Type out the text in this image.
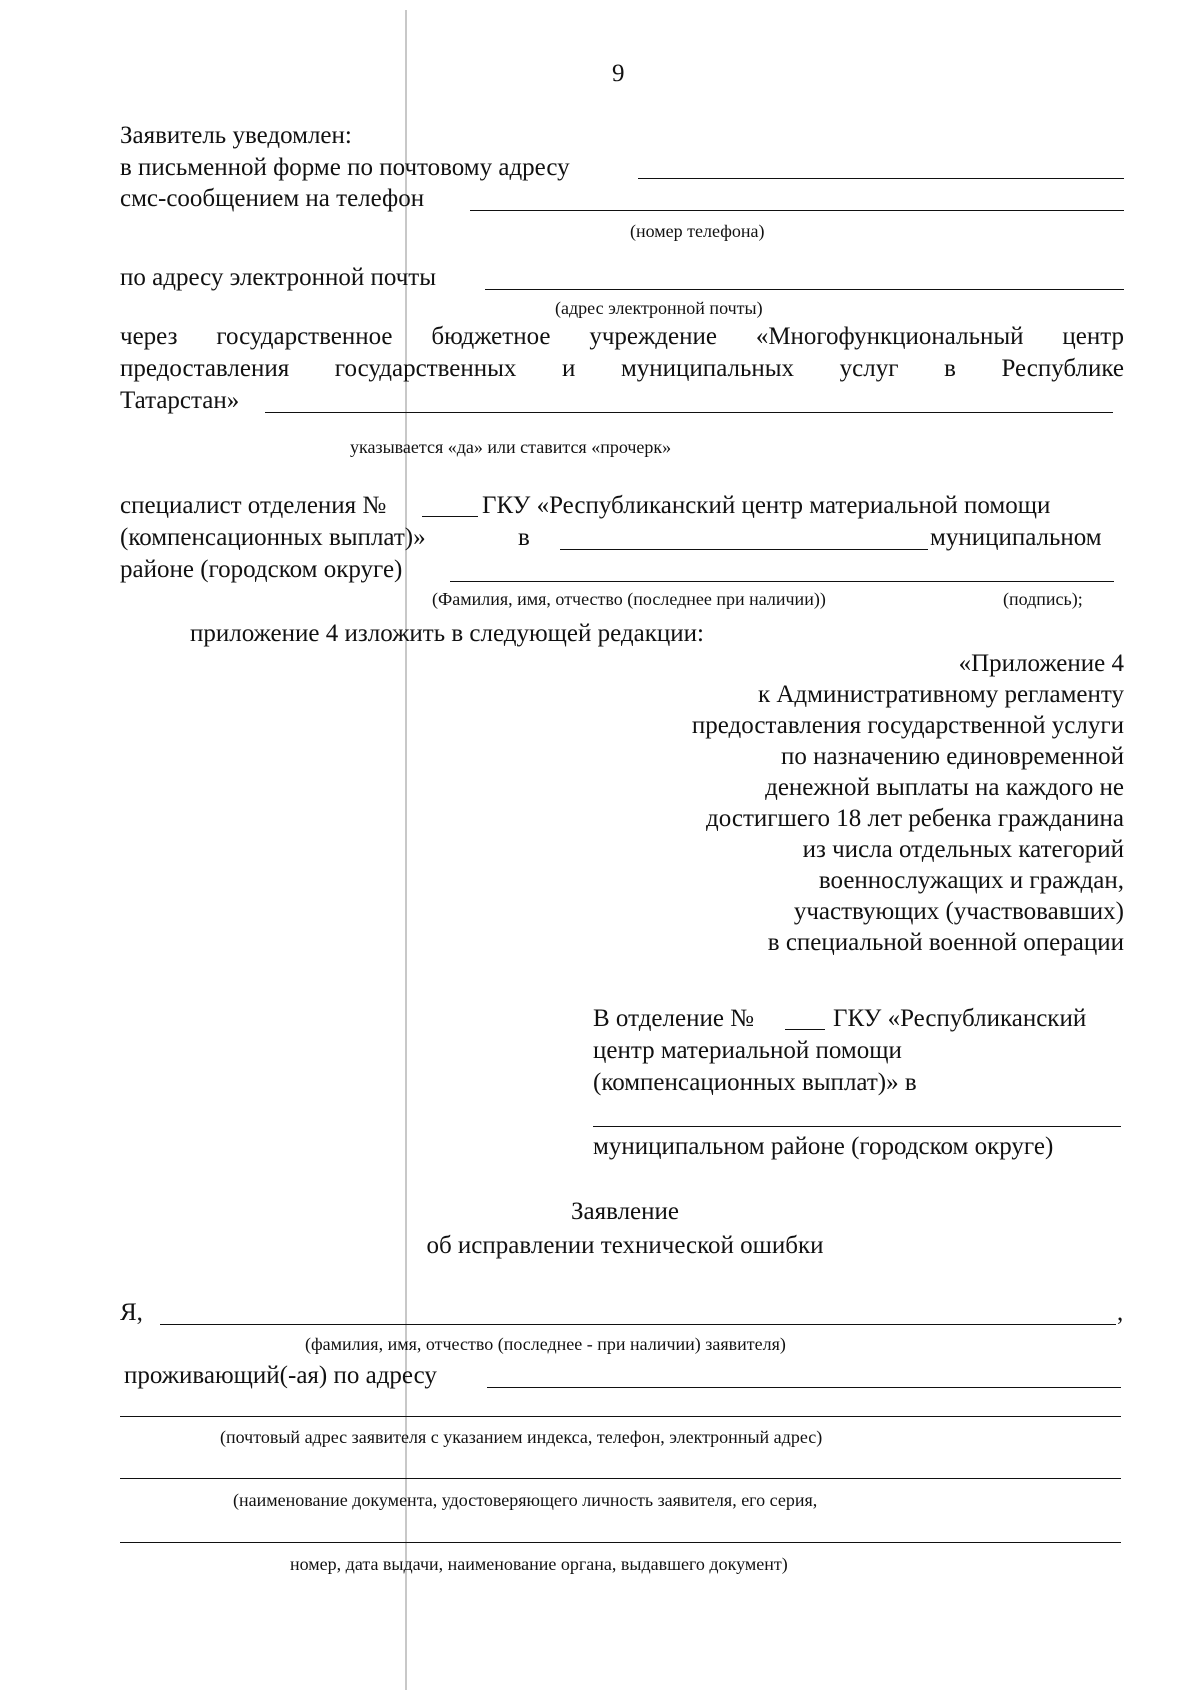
9
Заявитель уведомлен:
в письменной форме по почтовому адресу
смс-сообщением на телефон
(номер телефона)
по адресу электронной почты
(адрес электронной почты)
через государственное бюджетное учреждение «Многофункциональный центр
предоставления государственных и муниципальных услуг в Республике
Татарстан»
указывается «да» или ставится «прочерк»
специалист отделения №	ГКУ «Республиканский центр материальной помощи
(компенсационных выплат)»	в	муниципальном
районе (городском округе)
(Фамилия, имя, отчество (последнее при наличии))	(подпись);
приложение 4 изложить в следующей редакции:
«Приложение 4
к Административному регламенту
предоставления государственной услуги
по назначению единовременной
денежной выплаты на каждого не
достигшего 18 лет ребенка гражданина
из числа отдельных категорий
военнослужащих и граждан,
участвующих (участвовавших)
в специальной военной операции
В отделение №	ГКУ «Республиканский
центр материальной помощи
(компенсационных выплат)» в
муниципальном районе (городском округе)
Заявление
об исправлении технической ошибки
Я,	,
(фамилия, имя, отчество (последнее - при наличии) заявителя)
проживающий(-ая) по адресу
(почтовый адрес заявителя с указанием индекса, телефон, электронный адрес)
(наименование документа, удостоверяющего личность заявителя, его серия,
номер, дата выдачи, наименование органа, выдавшего документ)
